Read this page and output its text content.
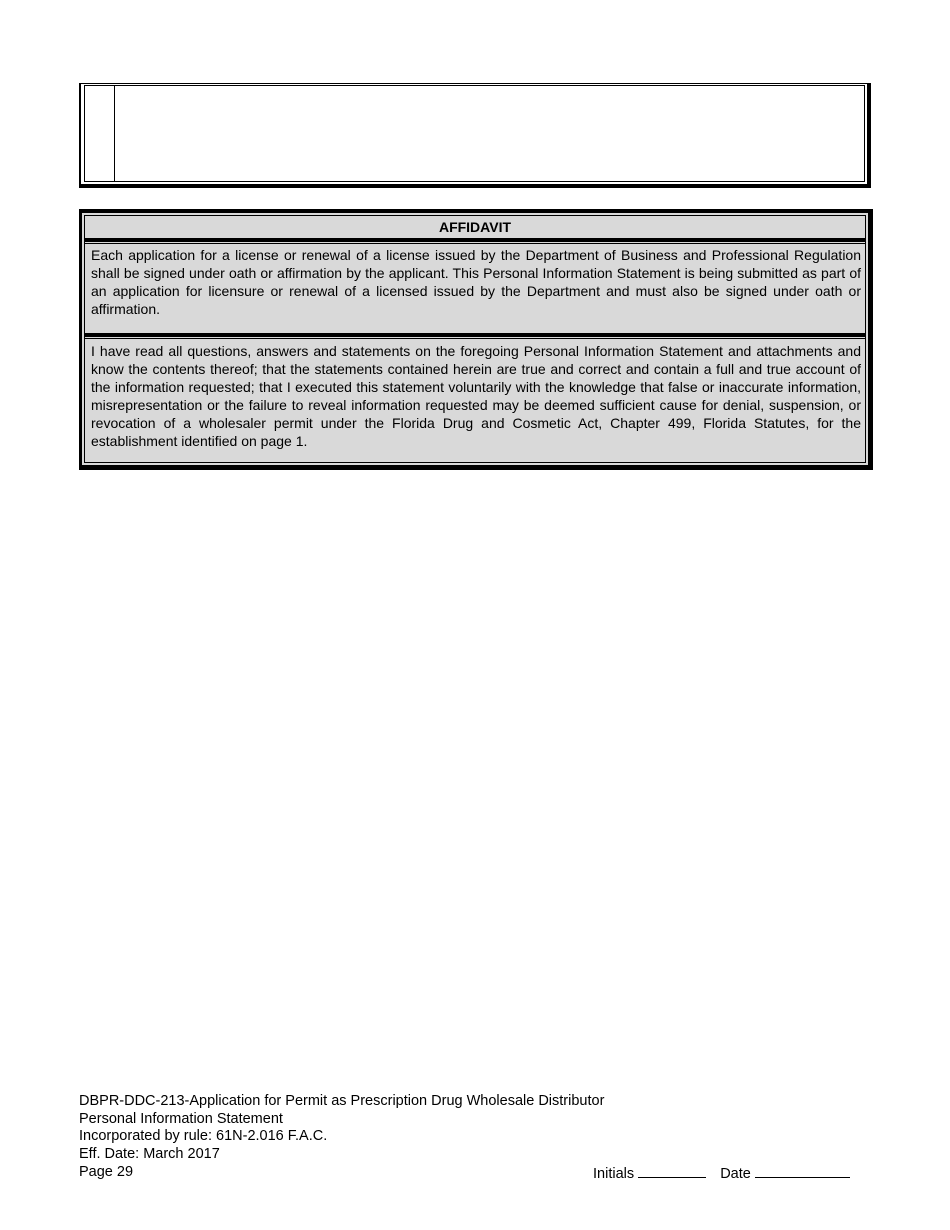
AFFIDAVIT
Each application for a license or renewal of a license issued by the Department of Business and Professional Regulation shall be signed under oath or affirmation by the applicant. This Personal Information Statement is being submitted as part of an application for licensure or renewal of a licensed issued by the Department and must also be signed under oath or affirmation.
I have read all questions, answers and statements on the foregoing Personal Information Statement and attachments and know the contents thereof; that the statements contained herein are true and correct and contain a full and true account of the information requested; that I executed this statement voluntarily with the knowledge that false or inaccurate information, misrepresentation or the failure to reveal information requested may be deemed sufficient cause for denial, suspension, or revocation of a wholesaler permit under the Florida Drug and Cosmetic Act, Chapter 499, Florida Statutes, for the establishment identified on page 1.
DBPR-DDC-213-Application for Permit as Prescription Drug Wholesale Distributor
Personal Information Statement
Incorporated by rule: 61N-2.016 F.A.C.
Eff. Date: March 2017
Page 29	Initials	Date
